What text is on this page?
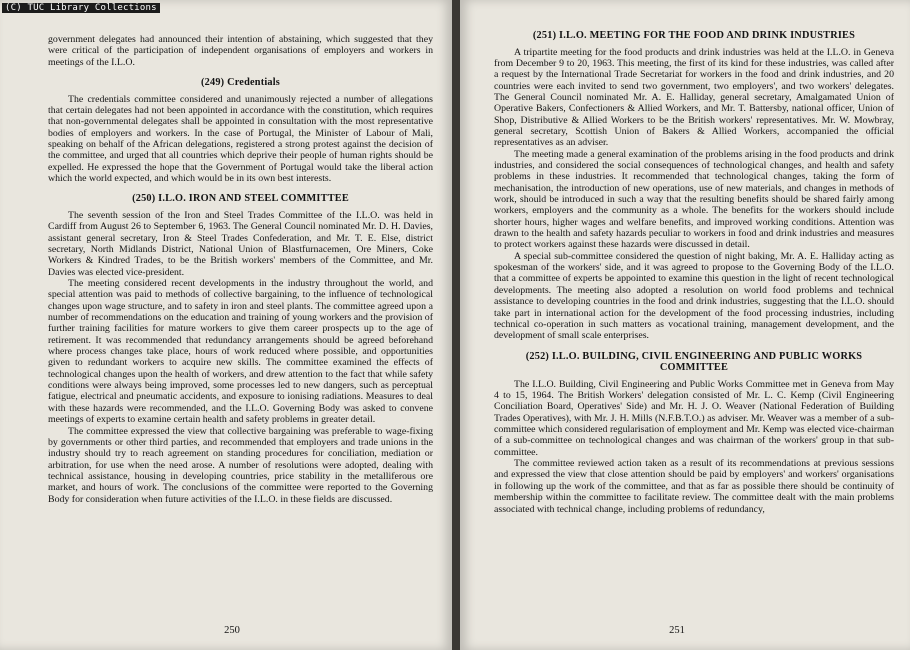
(C) TUC Library Collections

government delegates had announced their intention of abstaining, which suggested that they were critical of the participation of independent organisations of employers and workers in meetings of the I.L.O.

(249) Credentials

The credentials committee considered and unanimously rejected a number of allegations that certain delegates had not been appointed in accordance with the constitution, which requires that non-governmental delegates shall be appointed in consultation with the most representative bodies of employers and workers. In the case of Portugal, the Minister of Labour of Mali, speaking on behalf of the African delegations, registered a strong protest against the decision of the committee, and urged that all countries which deprive their people of human rights should be expelled. He expressed the hope that the Government of Portugal would take the liberal action which the world expected, and which would be in its own best interests.

(250) I.L.O. IRON AND STEEL COMMITTEE

The seventh session of the Iron and Steel Trades Committee of the I.L.O. was held in Cardiff from August 26 to September 6, 1963. The General Council nominated Mr. D. H. Davies, assistant general secretary, Iron & Steel Trades Confederation, and Mr. T. E. Else, district secretary, North Midlands District, National Union of Blastfurnacemen, Ore Miners, Coke Workers & Kindred Trades, to be the British workers' members of the Committee, and Mr. Davies was elected vice-president.

The meeting considered recent developments in the industry throughout the world, and special attention was paid to methods of collective bargaining, to the influence of technological changes upon wage structure, and to safety in iron and steel plants. The committee agreed upon a number of recommendations on the education and training of young workers and the provision of further training facilities for mature workers to give them career prospects up to the age of retirement. It was recommended that redundancy arrangements should be agreed beforehand where process changes take place, hours of work reduced where possible, and opportunities given to redundant workers to acquire new skills. The committee examined the effects of technological changes upon the health of workers, and drew attention to the fact that while safety conditions were always being improved, some processes led to new dangers, such as perceptual fatigue, electrical and pneumatic accidents, and exposure to ionising radiations. Measures to deal with these hazards were recommended, and the I.L.O. Governing Body was asked to convene meetings of experts to examine certain health and safety problems in greater detail.

The committee expressed the view that collective bargaining was preferable to wage-fixing by governments or other third parties, and recommended that employers and trade unions in the industry should try to reach agreement on standing procedures for conciliation, mediation or arbitration, for use when the need arose. A number of resolutions were adopted, dealing with technical assistance, housing in developing countries, price stability in the metalliferous ore market, and hours of work. The conclusions of the committee were reported to the Governing Body for consideration when future activities of the I.L.O. in these fields are discussed.

250
(251) I.L.O. MEETING FOR THE FOOD AND DRINK INDUSTRIES

A tripartite meeting for the food products and drink industries was held at the I.L.O. in Geneva from December 9 to 20, 1963. This meeting, the first of its kind for these industries, was called after a request by the International Trade Secretariat for workers in the food and drink industries, and 20 countries were each invited to send two government, two employers', and two workers' delegates. The General Council nominated Mr. A. E. Halliday, general secretary, Amalgamated Union of Operative Bakers, Confectioners & Allied Workers, and Mr. T. Battersby, national officer, Union of Shop, Distributive & Allied Workers to be the British workers' representatives. Mr. W. Mowbray, general secretary, Scottish Union of Bakers & Allied Workers, accompanied the official representatives as an adviser.

The meeting made a general examination of the problems arising in the food products and drink industries, and considered the social consequences of technological changes, and health and safety problems in these industries. It recommended that technological changes, taking the form of mechanisation, the introduction of new operations, use of new materials, and changes in methods of work, should be introduced in such a way that the resulting benefits should be shared fairly among workers, employers and the community as a whole. The benefits for the workers should include shorter hours, higher wages and welfare benefits, and improved working conditions. Attention was drawn to the health and safety hazards peculiar to workers in food and drink industries and measures to protect workers against these hazards were discussed in detail.

A special sub-committee considered the question of night baking, Mr. A. E. Halliday acting as spokesman of the workers' side, and it was agreed to propose to the Governing Body of the I.L.O. that a committee of experts be appointed to examine this question in the light of recent technological developments. The meeting also adopted a resolution on world food problems and technical assistance to developing countries in the food and drink industries, suggesting that the I.L.O. should take part in international action for the development of the food processing industries, including technical co-operation in such matters as vocational training, management development, and the development of small scale enterprises.

(252) I.L.O. BUILDING, CIVIL ENGINEERING AND PUBLIC WORKS COMMITTEE

The I.L.O. Building, Civil Engineering and Public Works Committee met in Geneva from May 4 to 15, 1964. The British Workers' delegation consisted of Mr. L. C. Kemp (Civil Engineering Conciliation Board, Operatives' Side) and Mr. H. J. O. Weaver (National Federation of Building Trades Operatives), with Mr. J. H. Mills (N.F.B.T.O.) as adviser. Mr. Weaver was a member of a sub-committee which considered regularisation of employment and Mr. Kemp was elected vice-chairman of a sub-committee on technological changes and was chairman of the workers' group in that sub-committee.

The committee reviewed action taken as a result of its recommendations at previous sessions and expressed the view that close attention should be paid by employers' and workers' organisations in following up the work of the committee, and that as far as possible there should be continuity of membership within the committee to facilitate review. The committee dealt with the main problems associated with technical change, including problems of redundancy,

251
